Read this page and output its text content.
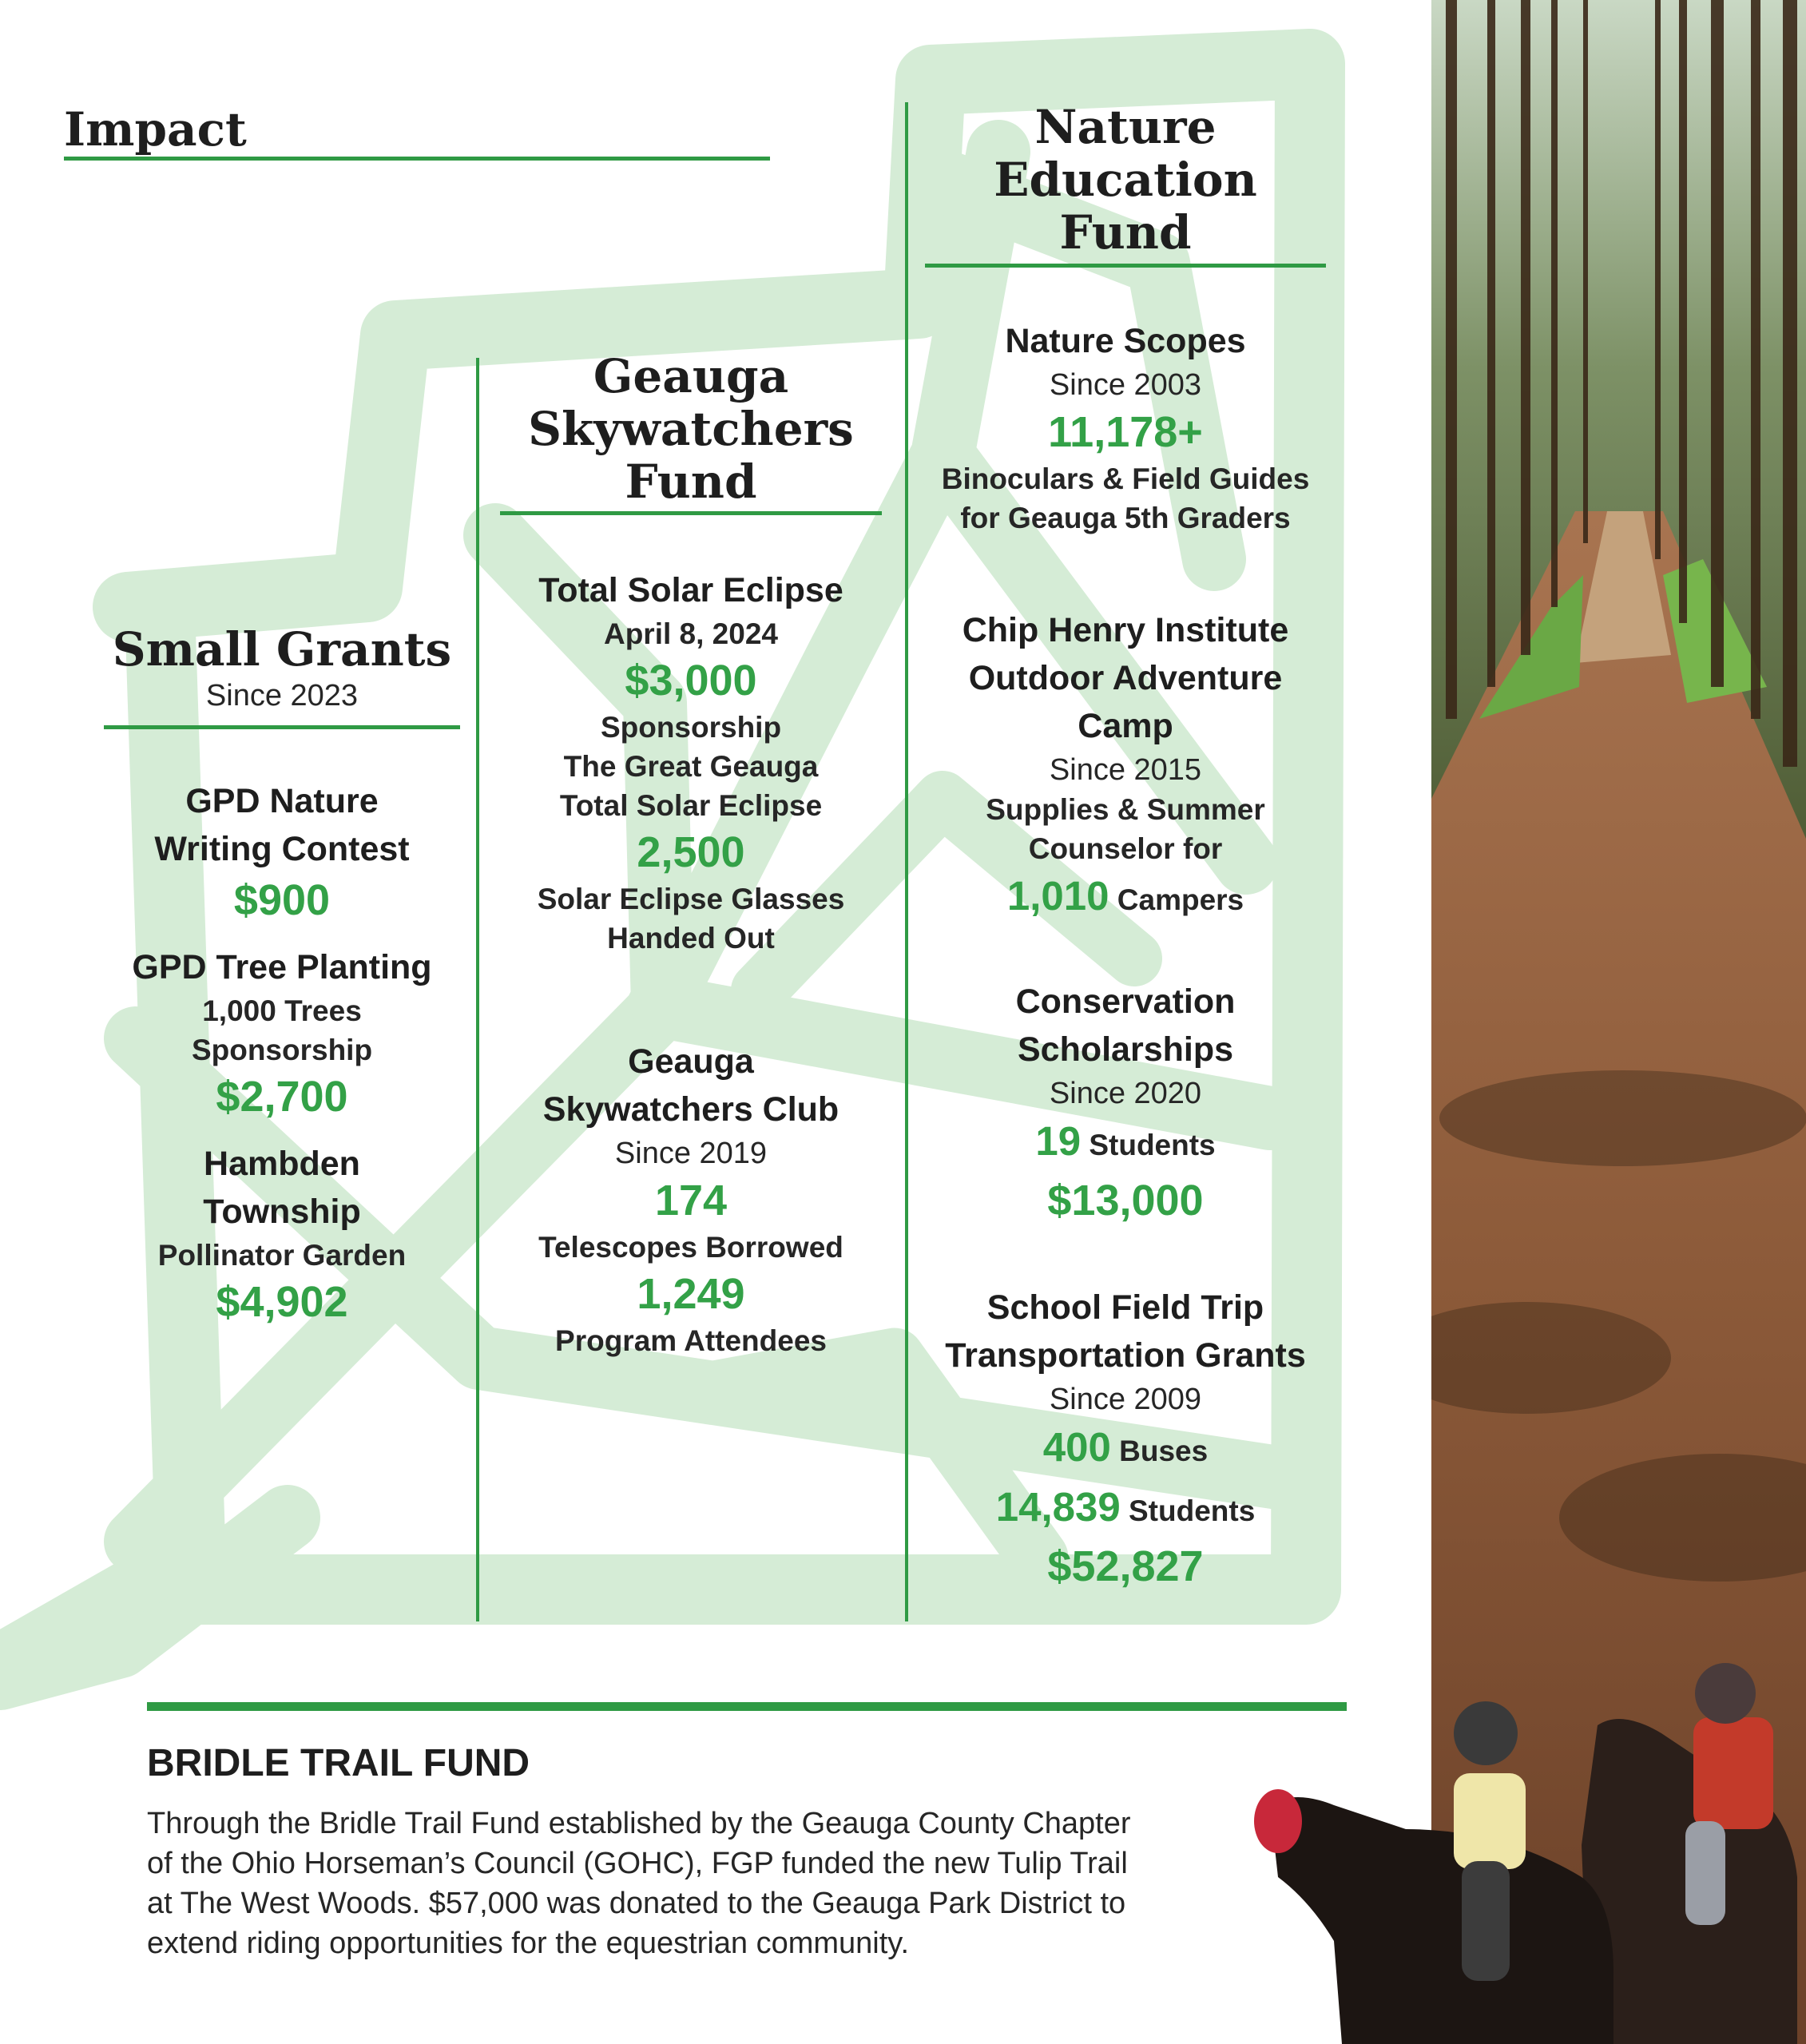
Impact
Small Grants
Since 2023
GPD Nature
Writing Contest
$900
GPD Tree Planting
1,000 Trees
Sponsorship
$2,700
Hambden
Township
Pollinator Garden
$4,902
Geauga
Skywatchers
Fund
Total Solar Eclipse
April 8, 2024
$3,000
Sponsorship
The Great Geauga
Total Solar Eclipse
2,500
Solar Eclipse Glasses
Handed Out
Geauga
Skywatchers Club
Since 2019
174
Telescopes Borrowed
1,249
Program Attendees
Nature Education
Fund
Nature Scopes
Since 2003
11,178+
Binoculars & Field Guides
for Geauga 5th Graders
Chip Henry Institute
Outdoor Adventure
Camp
Since 2015
Supplies & Summer
Counselor for
1,010 Campers
Conservation
Scholarships
Since 2020
19 Students
$13,000
School Field Trip
Transportation Grants
Since 2009
400 Buses
14,839 Students
$52,827
BRIDLE TRAIL FUND
Through the Bridle Trail Fund established by the Geauga County Chapter
of the Ohio Horseman’s Council (GOHC), FGP funded the new Tulip Trail
at The West Woods. $57,000 was donated to the Geauga Park District to
extend riding opportunities for the equestrian community.
